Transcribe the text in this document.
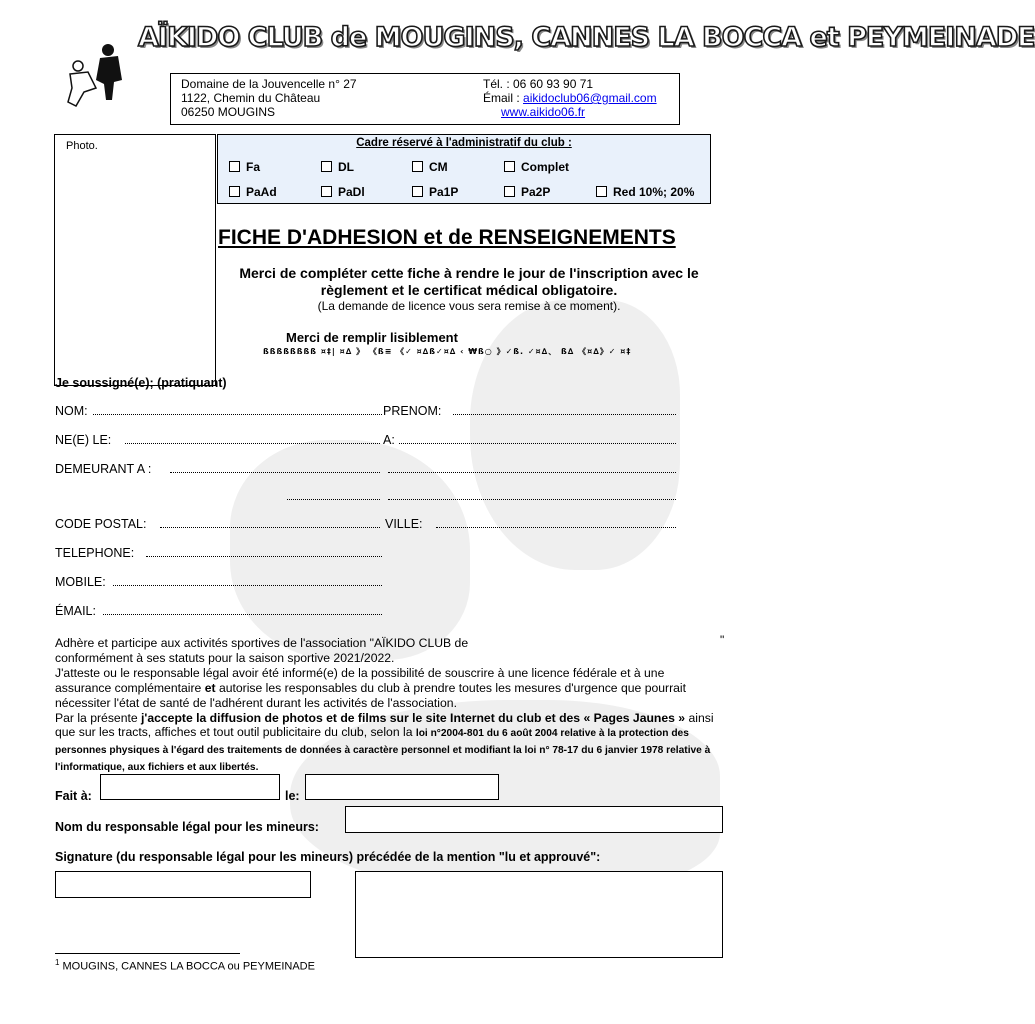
AÏKIDO CLUB de MOUGINS, CANNES LA BOCCA et PEYMEINADE
Domaine de la Jouvencelle n° 27
1122, Chemin du Château
06250 MOUGINS
Tél. : 06 60 93 90 71
Émail : aikidoclub06@gmail.com
www.aikido06.fr
Photo.	Cadre réservé à l'administratif du club :
Fa	DL	CM	Complet
PaAd	PaDl	Pa1P	Pa2P	Red 10%; 20%
FICHE D'ADHESION et de RENSEIGNEMENTS
Merci de compléter cette fiche à rendre le jour de l'inscription avec le règlement et le certificat médical obligatoire.
(La demande de licence vous sera remise à ce moment).
Merci de remplir lisiblement
ßßßßßßßß ¤‡| ¤∆ 》 《ß≡ 《✓ ¤∆ß✓¤∆ ‹ ₩ß○ 》✓ß. ✓¤∆、 ß∆ 《¤∆》✓ ¤‡
Je soussigné(e); (pratiquant)
NOM:	PRENOM:
NE(E) LE:	A:
DEMEURANT A :
CODE POSTAL:	VILLE:
TELEPHONE:
MOBILE:
ÉMAIL:
"
Adhère et participe aux activités sportives de l'association "AÏKIDO CLUB de
conformément à ses statuts pour la saison sportive 2021/2022.
J'atteste ou le responsable légal avoir été informé(e) de la possibilité de souscrire à une licence fédérale et à une assurance complémentaire et autorise les responsables du club à prendre toutes les mesures d'urgence que pourrait nécessiter l'état de santé de l'adhérent durant les activités de l'association.
Par la présente j'accepte la diffusion de photos et de films sur le site Internet du club et des « Pages Jaunes » ainsi que sur les tracts, affiches et tout outil publicitaire du club, selon la loi n°2004-801 du 6 août 2004 relative à la protection des personnes physiques à l'égard des traitements de données à caractère personnel et modifiant la loi n° 78-17 du 6 janvier 1978 relative à l'informatique, aux fichiers et aux libertés.
Fait à:	le:
Nom du responsable légal pour les mineurs:
Signature (du responsable légal pour les mineurs) précédée de la mention "lu et approuvé":
$^1$ MOUGINS, CANNES LA BOCCA ou PEYMEINADE
